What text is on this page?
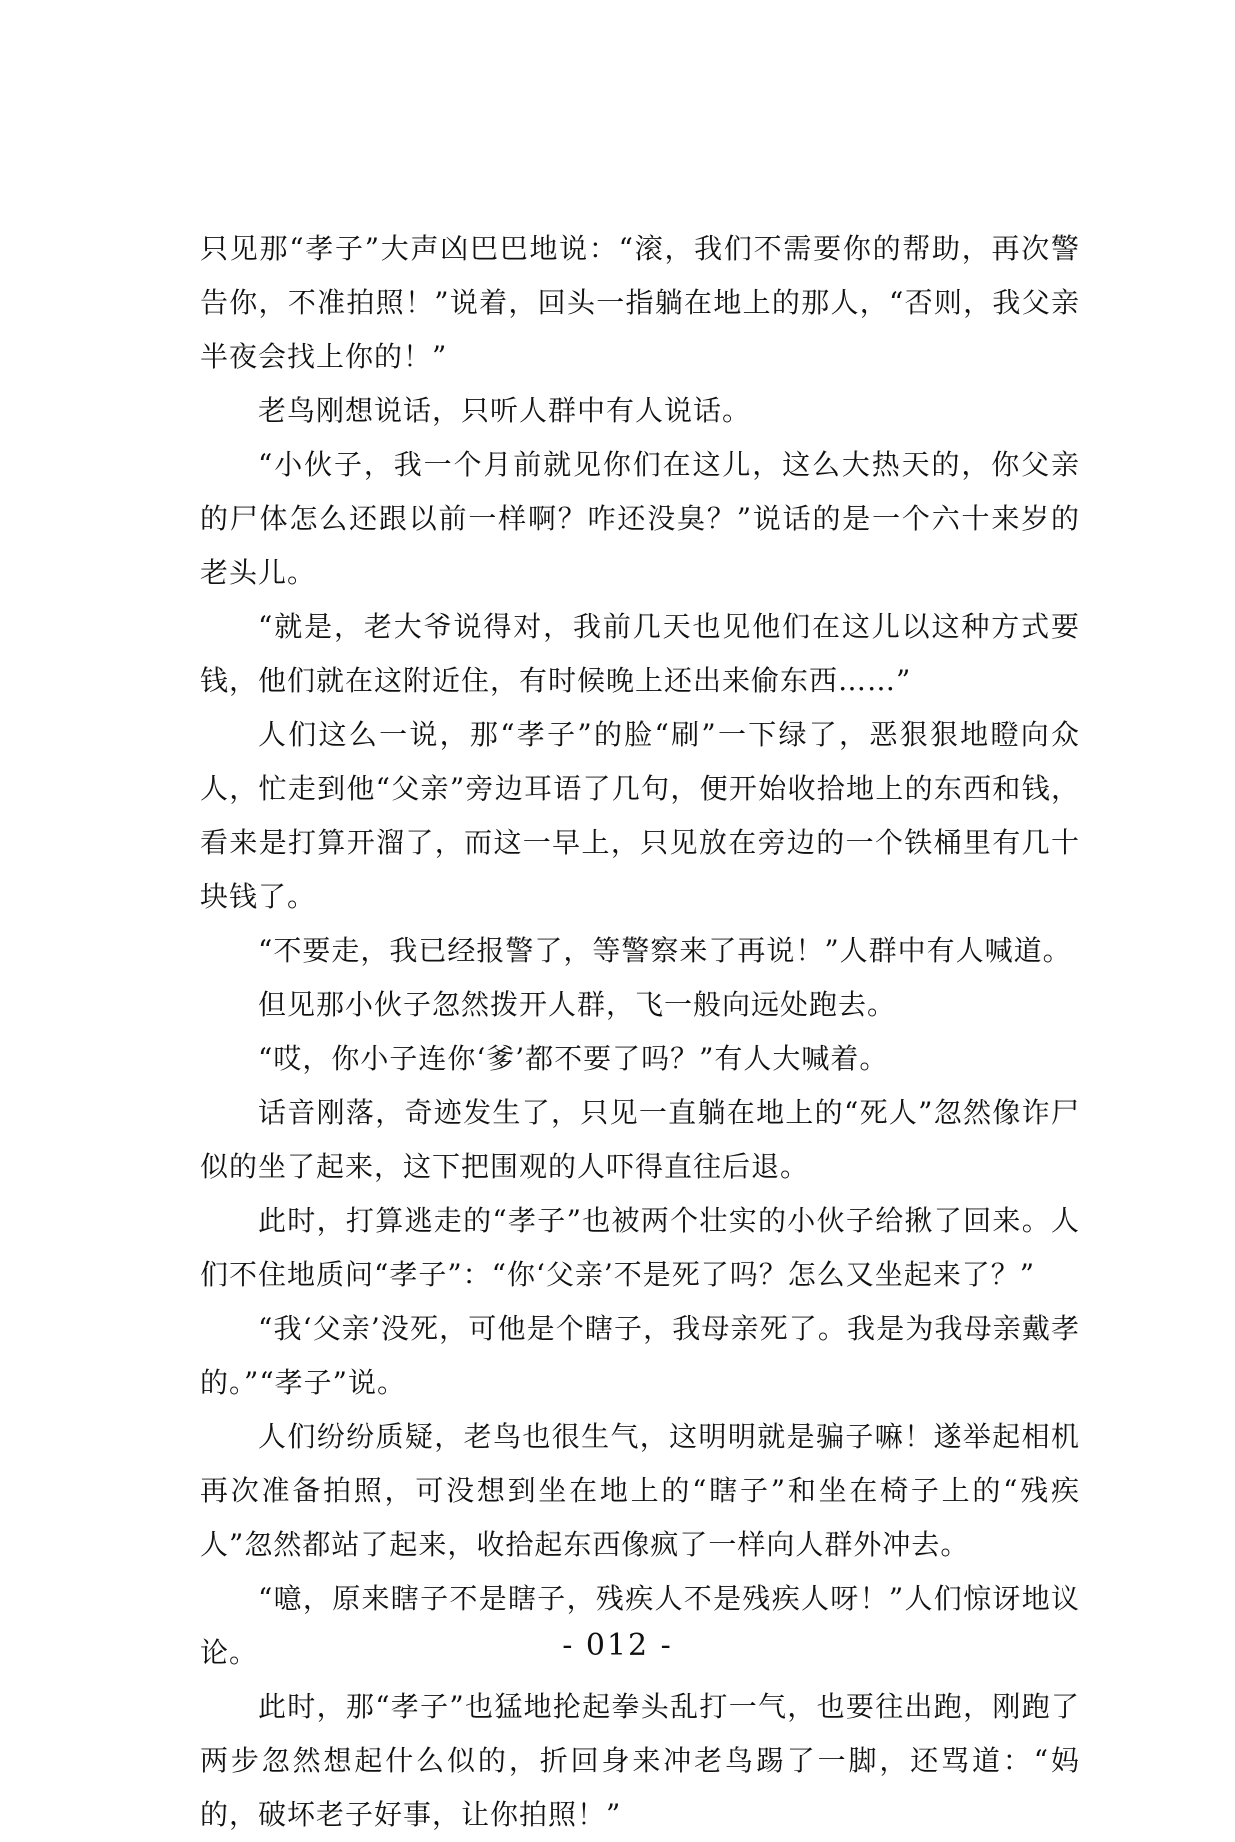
只见那“孝子”大声凶巴巴地说：“滚，我们不需要你的帮助，再次警告你，不准拍照！”说着，回头一指躺在地上的那人，“否则，我父亲半夜会找上你的！”

老鸟刚想说话，只听人群中有人说话。

“小伙子，我一个月前就见你们在这儿，这么大热天的，你父亲的尸体怎么还跟以前一样啊？咋还没臭？”说话的是一个六十来岁的老头儿。

“就是，老大爷说得对，我前几天也见他们在这儿以这种方式要钱，他们就在这附近住，有时候晚上还出来偷东西……”

人们这么一说，那“孝子”的脸“刷”一下绿了，恶狠狠地瞪向众人，忙走到他“父亲”旁边耳语了几句，便开始收拾地上的东西和钱，看来是打算开溜了，而这一早上，只见放在旁边的一个铁桶里有几十块钱了。

“不要走，我已经报警了，等警察来了再说！”人群中有人喊道。

但见那小伙子忽然拨开人群，飞一般向远处跑去。

“哎，你小子连你‘爹’都不要了吗？”有人大喊着。

话音刚落，奇迹发生了，只见一直躺在地上的“死人”忽然像诈尸似的坐了起来，这下把围观的人吓得直往后退。

此时，打算逃走的“孝子”也被两个壮实的小伙子给揪了回来。人们不住地质问“孝子”：“你‘父亲’不是死了吗？怎么又坐起来了？”

“我‘父亲’没死，可他是个瞎子，我母亲死了。我是为我母亲戴孝的。”“孝子”说。

人们纷纷质疑，老鸟也很生气，这明明就是骗子嘛！遂举起相机再次准备拍照，可没想到坐在地上的“瞎子”和坐在椅子上的“残疾人”忽然都站了起来，收拾起东西像疯了一样向人群外冲去。

“噫，原来瞎子不是瞎子，残疾人不是残疾人呀！”人们惊讶地议论。

此时，那“孝子”也猛地抡起拳头乱打一气，也要往出跑，刚跑了两步忽然想起什么似的，折回身来冲老鸟踢了一脚，还骂道：“妈的，破坏老子好事，让你拍照！”

- 012 -
